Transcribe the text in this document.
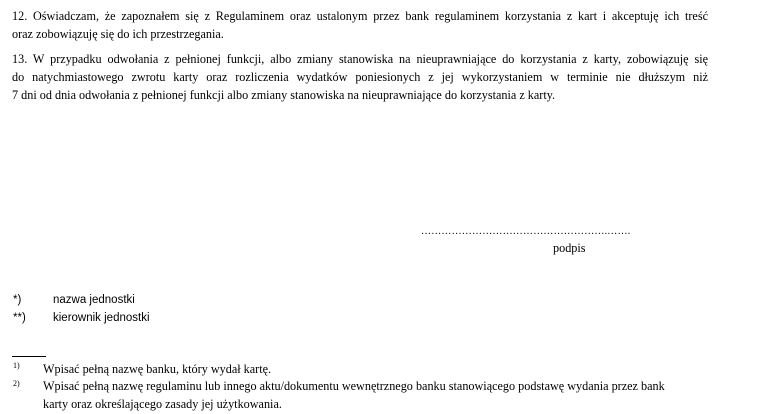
12. Oświadczam, że zapoznałem się z Regulaminem oraz ustalonym przez bank regulaminem korzystania z kart i akceptuję ich treść
oraz zobowiązuję się do ich przestrzegania.

13. W przypadku odwołania z pełnionej funkcji, albo zmiany stanowiska na nieuprawniające do korzystania z karty, zobowiązuję się
do natychmiastowego zwrotu karty oraz rozliczenia wydatków poniesionych z jej wykorzystaniem w terminie nie dłuższym niż
7 dni od dnia odwołania z pełnionej funkcji albo zmiany stanowiska na nieuprawniające do korzystania z karty.

……………………………………………….…….
podpis
*)	nazwa jednostki
**) kierownik jednostki
1) Wpisać pełną nazwę banku, który wydał kartę.
2) Wpisać pełną nazwę regulaminu lub innego aktu/dokumentu wewnętrznego banku stanowiącego podstawę wydania przez bank
karty oraz określającego zasady jej użytkowania.
